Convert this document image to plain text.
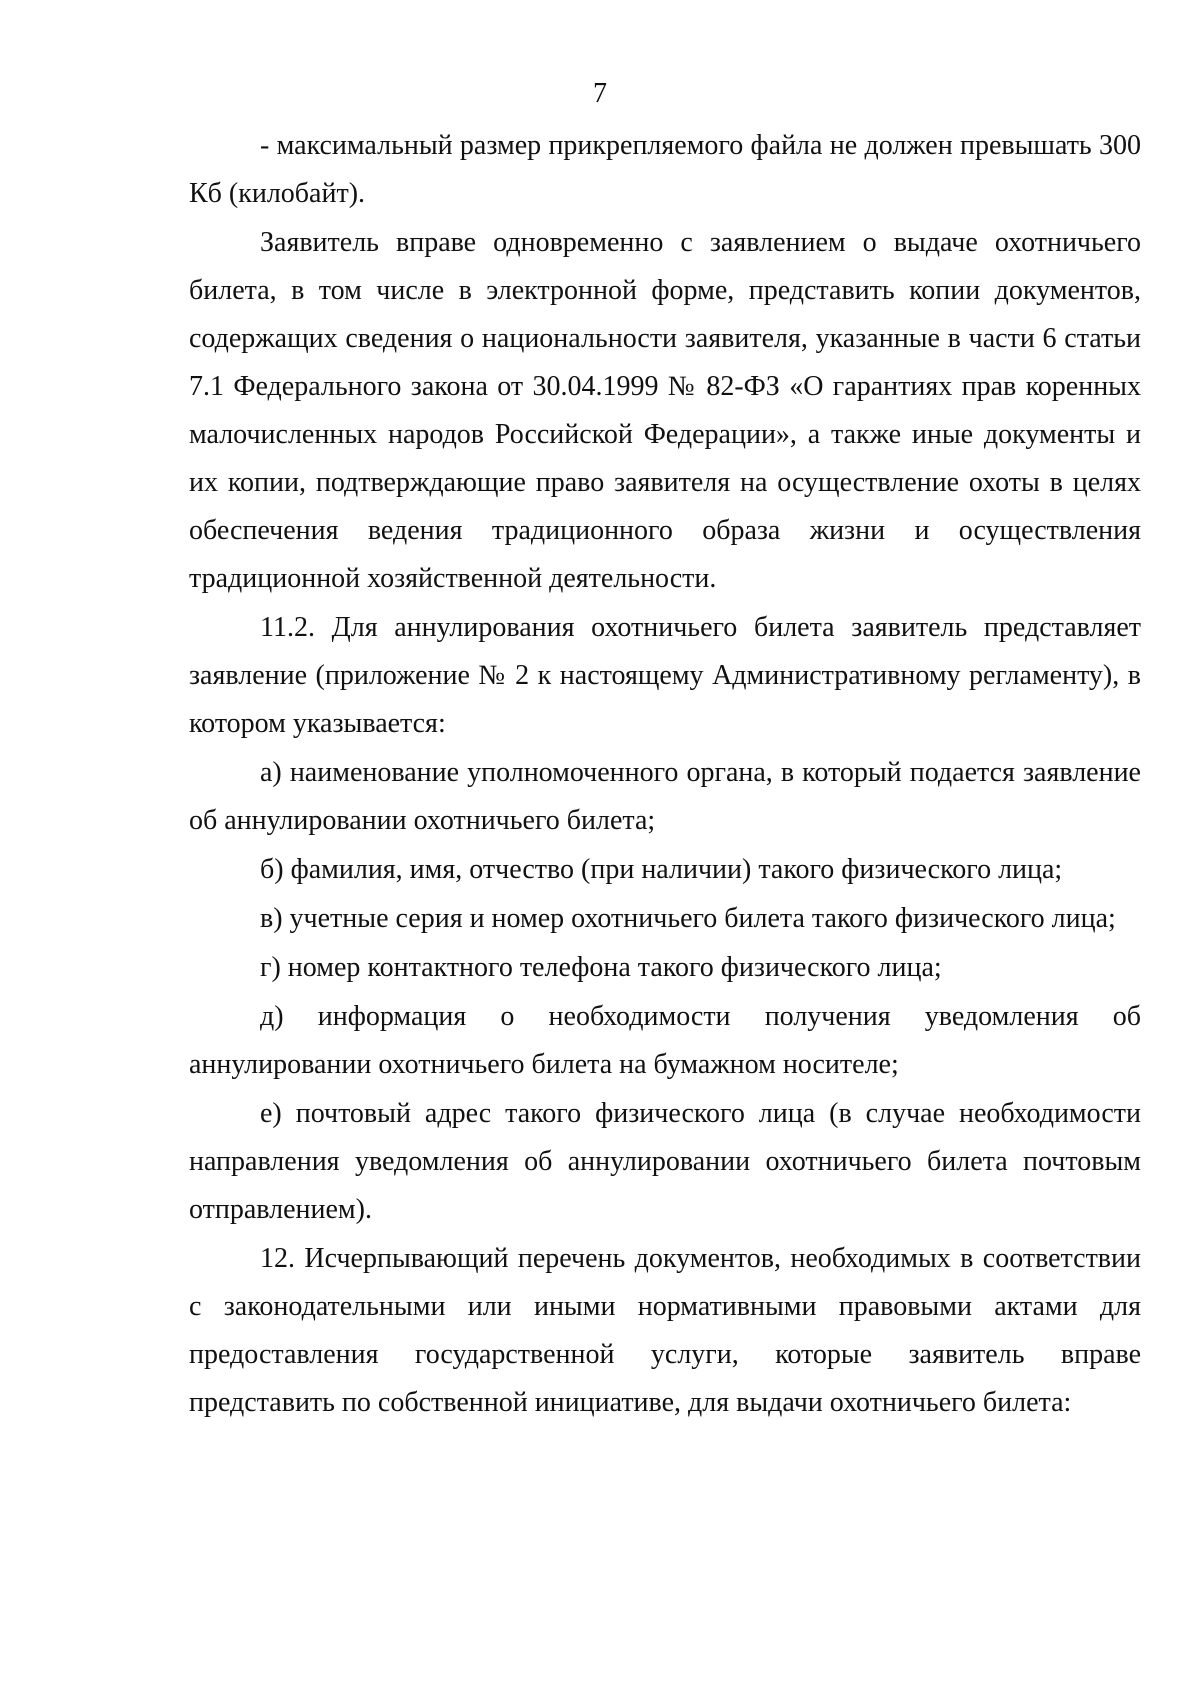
7

- максимальный размер прикрепляемого файла не должен превышать 300 Кб (килобайт).

Заявитель вправе одновременно с заявлением о выдаче охотничьего билета, в том числе в электронной форме, представить копии документов, содержащих сведения о национальности заявителя, указанные в части 6 статьи 7.1 Федерального закона от 30.04.1999 № 82-ФЗ «О гарантиях прав коренных малочисленных народов Российской Федерации», а также иные документы и их копии, подтверждающие право заявителя на осуществление охоты в целях обеспечения ведения традиционного образа жизни и осуществления традиционной хозяйственной деятельности.

11.2. Для аннулирования охотничьего билета заявитель представляет заявление (приложение № 2 к настоящему Административному регламенту), в котором указывается:

а) наименование уполномоченного органа, в который подается заявление об аннулировании охотничьего билета;

б) фамилия, имя, отчество (при наличии) такого физического лица;

в) учетные серия и номер охотничьего билета такого физического лица;

г) номер контактного телефона такого физического лица;

д) информация о необходимости получения уведомления об аннулировании охотничьего билета на бумажном носителе;

е) почтовый адрес такого физического лица (в случае необходимости направления уведомления об аннулировании охотничьего билета почтовым отправлением).

12. Исчерпывающий перечень документов, необходимых в соответствии с законодательными или иными нормативными правовыми актами для предоставления государственной услуги, которые заявитель вправе представить по собственной инициативе, для выдачи охотничьего билета:
